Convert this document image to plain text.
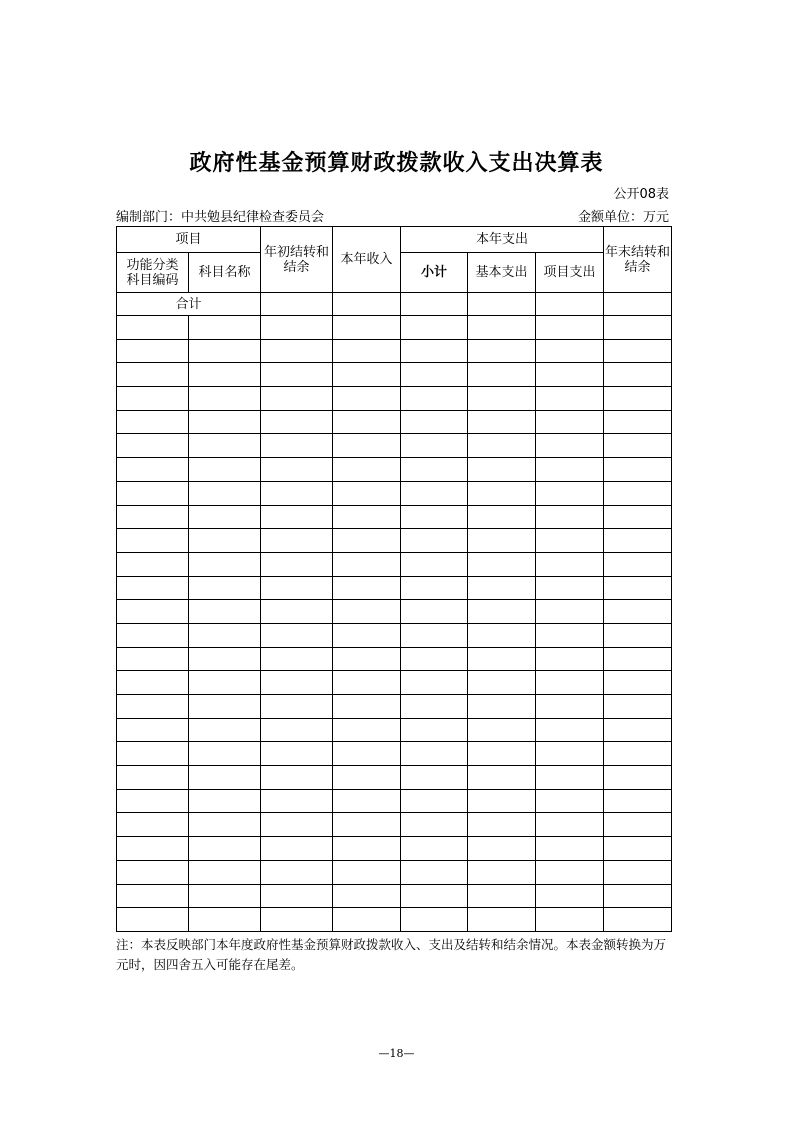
政府性基金预算财政拨款收入支出决算表
公开08表
编制部门：中共勉县纪律检查委员会	金额单位：万元
项目		年初结转和结余	本年收入	本年支出			年末结转和结余
功能分类科目编码	科目名称			小计	基本支出	项目支出	
合计							

注：本表反映部门本年度政府性基金预算财政拨款收入、支出及结转和结余情况。本表金额转换为万元时，因四舍五入可能存在尾差。
—18—
